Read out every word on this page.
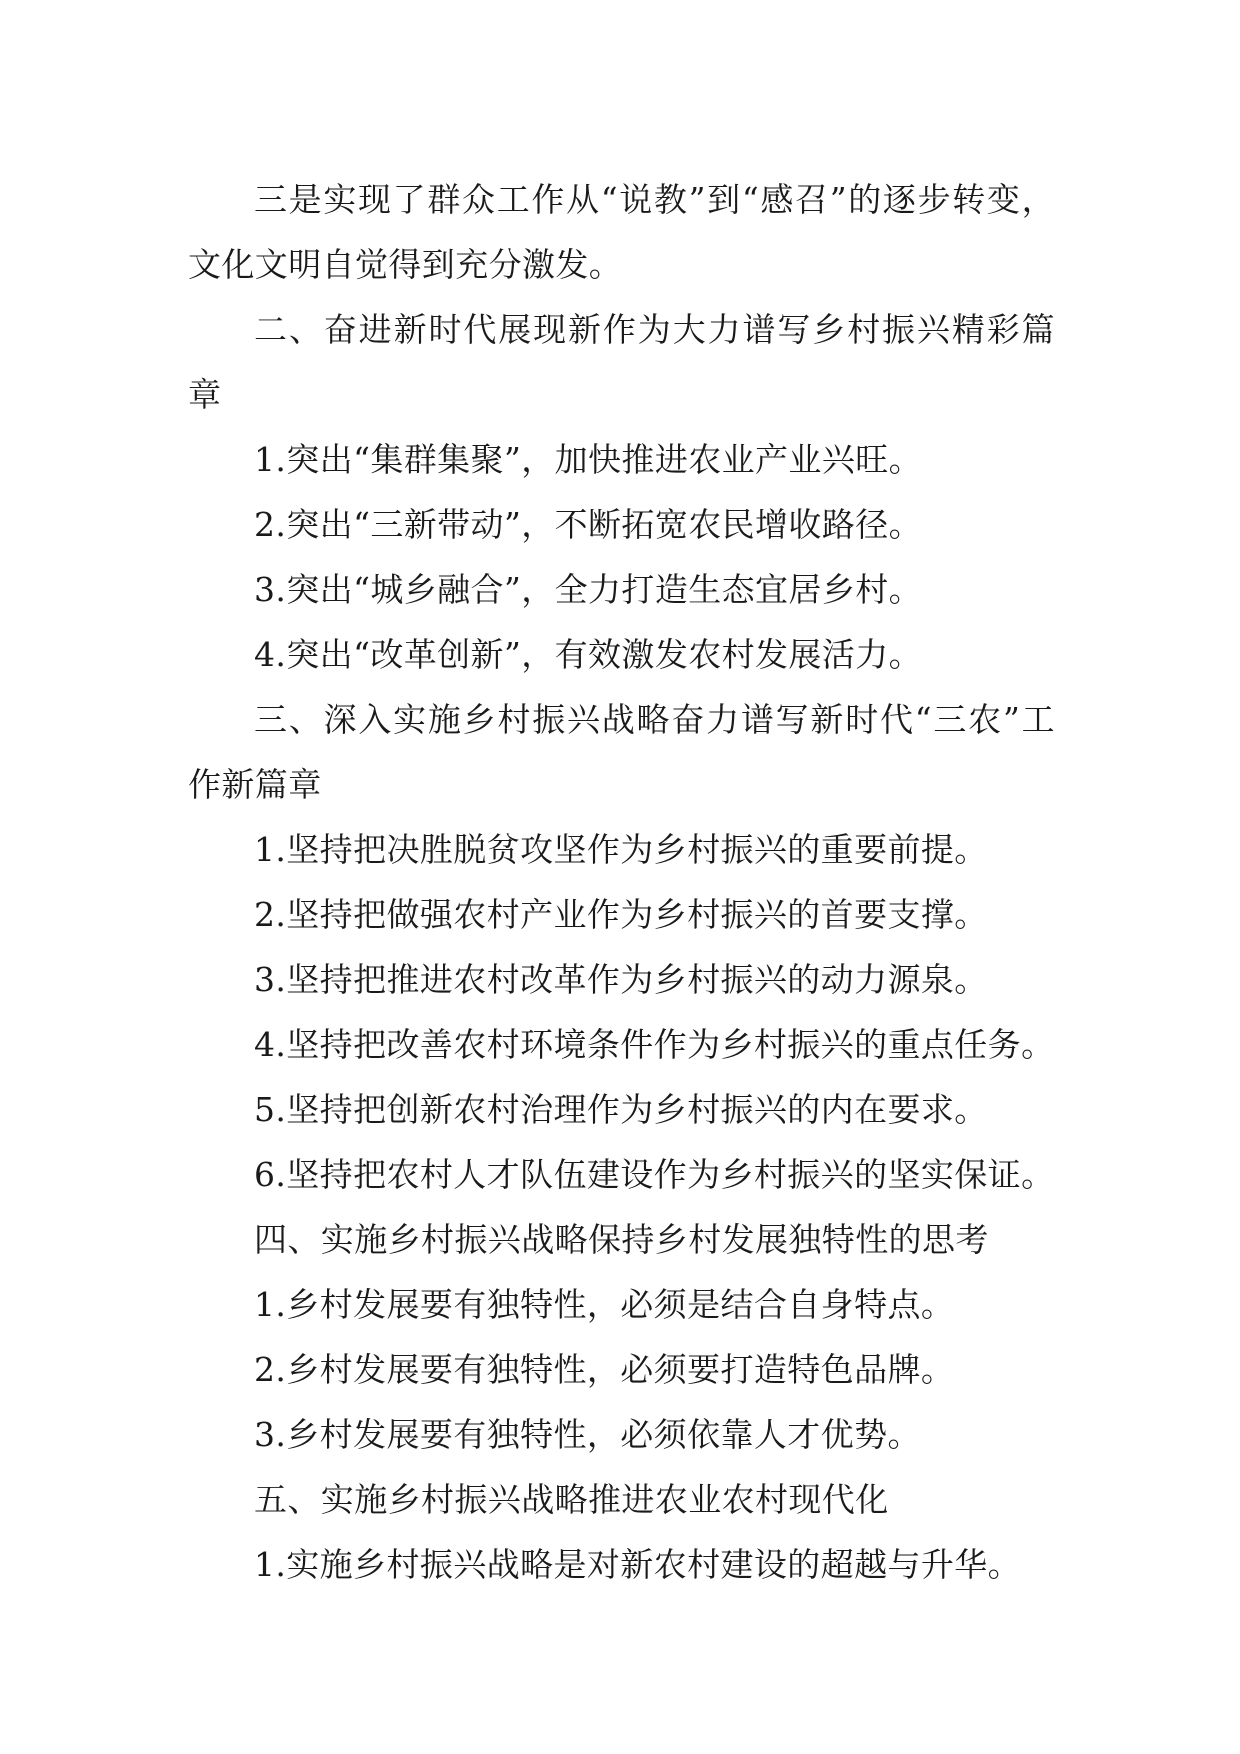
三是实现了群众工作从“说教”到“感召”的逐步转变，文化文明自觉得到充分激发。

二、奋进新时代展现新作为大力谱写乡村振兴精彩篇章

1.突出“集群集聚”，加快推进农业产业兴旺。

2.突出“三新带动”，不断拓宽农民增收路径。

3.突出“城乡融合”，全力打造生态宜居乡村。

4.突出“改革创新”，有效激发农村发展活力。

三、深入实施乡村振兴战略奋力谱写新时代“三农”工作新篇章

1.坚持把决胜脱贫攻坚作为乡村振兴的重要前提。

2.坚持把做强农村产业作为乡村振兴的首要支撑。

3.坚持把推进农村改革作为乡村振兴的动力源泉。

4.坚持把改善农村环境条件作为乡村振兴的重点任务。

5.坚持把创新农村治理作为乡村振兴的内在要求。

6.坚持把农村人才队伍建设作为乡村振兴的坚实保证。

四、实施乡村振兴战略保持乡村发展独特性的思考

1.乡村发展要有独特性，必须是结合自身特点。

2.乡村发展要有独特性，必须要打造特色品牌。

3.乡村发展要有独特性，必须依靠人才优势。

五、实施乡村振兴战略推进农业农村现代化

1.实施乡村振兴战略是对新农村建设的超越与升华。
